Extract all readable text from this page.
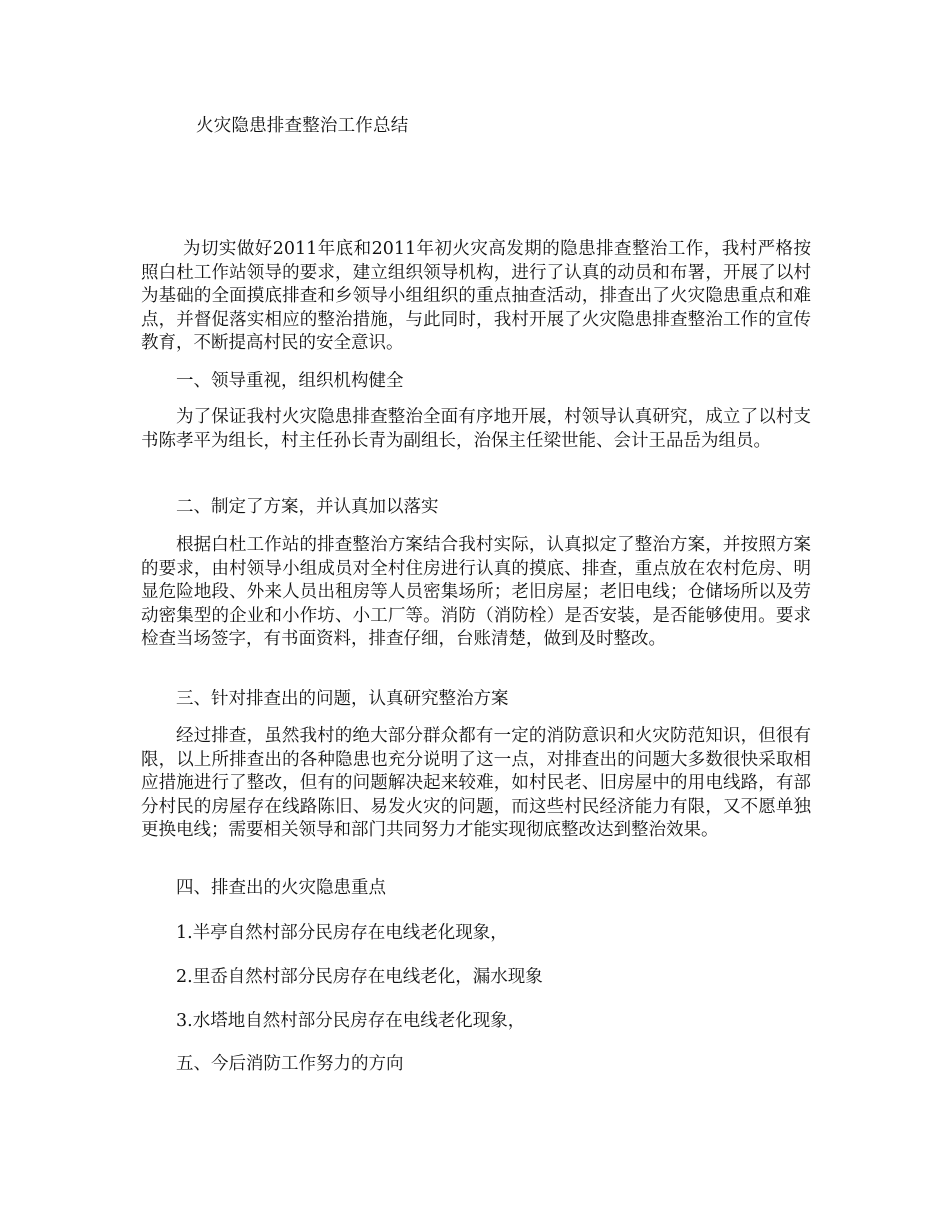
火灾隐患排查整治工作总结

为切实做好2011年底和2011年初火灾高发期的隐患排查整治工作，我村严格按照白杜工作站领导的要求，建立组织领导机构，进行了认真的动员和布署，开展了以村为基础的全面摸底排查和乡领导小组组织的重点抽查活动，排查出了火灾隐患重点和难点，并督促落实相应的整治措施，与此同时，我村开展了火灾隐患排查整治工作的宣传教育，不断提高村民的安全意识。

一、领导重视，组织机构健全

为了保证我村火灾隐患排查整治全面有序地开展，村领导认真研究，成立了以村支书陈孝平为组长，村主任孙长青为副组长，治保主任梁世能、会计王品岳为组员。

二、制定了方案，并认真加以落实

根据白杜工作站的排查整治方案结合我村实际，认真拟定了整治方案，并按照方案的要求，由村领导小组成员对全村住房进行认真的摸底、排查，重点放在农村危房、明显危险地段、外来人员出租房等人员密集场所；老旧房屋；老旧电线；仓储场所以及劳动密集型的企业和小作坊、小工厂等。消防（消防栓）是否安装，是否能够使用。要求检查当场签字，有书面资料，排查仔细，台账清楚，做到及时整改。

三、针对排查出的问题，认真研究整治方案

经过排查，虽然我村的绝大部分群众都有一定的消防意识和火灾防范知识，但很有限，以上所排查出的各种隐患也充分说明了这一点，对排查出的问题大多数很快采取相应措施进行了整改，但有的问题解决起来较难，如村民老、旧房屋中的用电线路，有部分村民的房屋存在线路陈旧、易发火灾的问题，而这些村民经济能力有限，又不愿单独更换电线；需要相关领导和部门共同努力才能实现彻底整改达到整治效果。

四、排查出的火灾隐患重点
1.半亭自然村部分民房存在电线老化现象，
2.里岙自然村部分民房存在电线老化，漏水现象
3.水塔地自然村部分民房存在电线老化现象，
五、今后消防工作努力的方向
